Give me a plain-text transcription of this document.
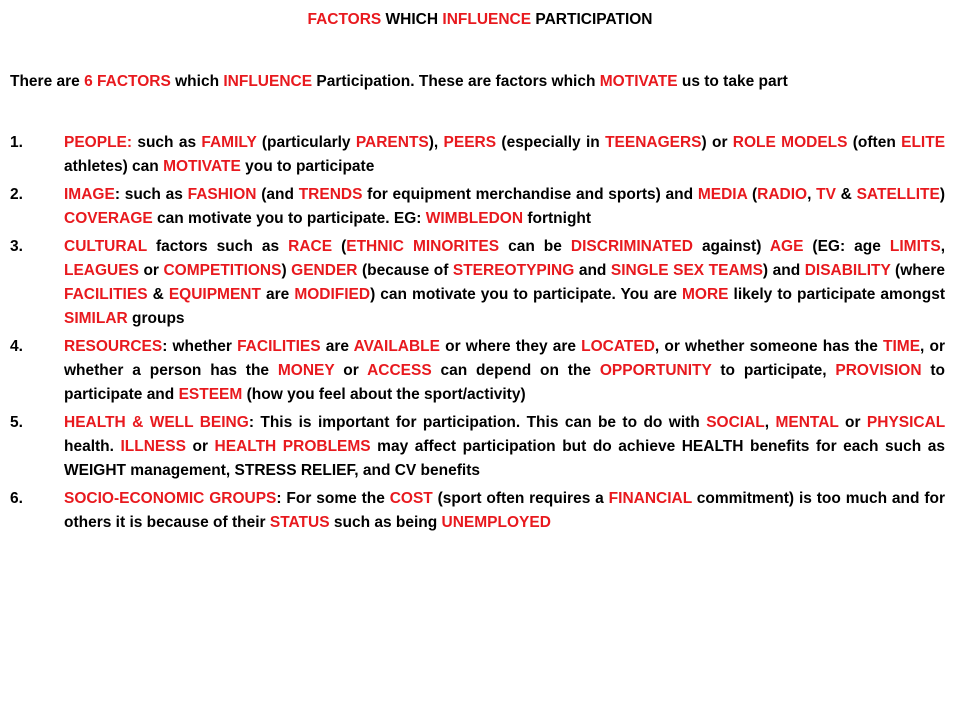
FACTORS WHICH INFLUENCE PARTICIPATION
There are 6 FACTORS which INFLUENCE Participation. These are factors which MOTIVATE us to take part
1.	PEOPLE: such as FAMILY (particularly PARENTS), PEERS (especially in TEENAGERS) or ROLE MODELS (often ELITE athletes) can MOTIVATE you to participate
2.	IMAGE: such as FASHION (and TRENDS for equipment merchandise and sports) and MEDIA (RADIO, TV & SATELLITE) COVERAGE can motivate you to participate. EG: WIMBLEDON fortnight
3.	CULTURAL factors such as RACE (ETHNIC MINORITES can be DISCRIMINATED against) AGE (EG: age LIMITS, LEAGUES or COMPETITIONS) GENDER (because of STEREOTYPING and SINGLE SEX TEAMS) and DISABILITY (where FACILITIES & EQUIPMENT are MODIFIED) can motivate you to participate. You are MORE likely to participate amongst SIMILAR groups
4.	RESOURCES: whether FACILITIES are AVAILABLE or where they are LOCATED, or whether someone has the TIME, or whether a person has the MONEY or ACCESS can depend on the OPPORTUNITY to participate, PROVISION to participate and ESTEEM (how you feel about the sport/activity)
5.	HEALTH & WELL BEING: This is important for participation. This can be to do with SOCIAL, MENTAL or PHYSICAL health. ILLNESS or HEALTH PROBLEMS may affect participation but do achieve HEALTH benefits for each such as WEIGHT management, STRESS RELIEF, and CV benefits
6.	SOCIO-ECONOMIC GROUPS: For some the COST (sport often requires a FINANCIAL commitment) is too much and for others it is because of their STATUS such as being UNEMPLOYED
